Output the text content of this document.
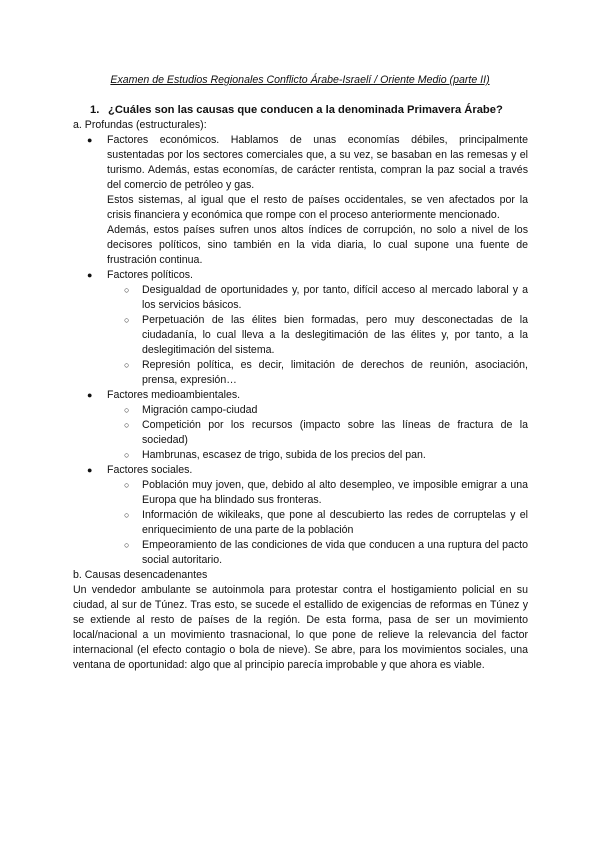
Examen de Estudios Regionales Conflicto Árabe-Israelí / Oriente Medio (parte II)
1. ¿Cuáles son las causas que conducen a la denominada Primavera Árabe?

a. Profundas (estructurales):

● Factores económicos. Hablamos de unas economías débiles, principalmente sustentadas por los sectores comerciales que, a su vez, se basaban en las remesas y el turismo. Además, estas economías, de carácter rentista, compran la paz social a través del comercio de petróleo y gas.

Estos sistemas, al igual que el resto de países occidentales, se ven afectados por la crisis financiera y económica que rompe con el proceso anteriormente mencionado.

Además, estos países sufren unos altos índices de corrupción, no solo a nivel de los decisores políticos, sino también en la vida diaria, lo cual supone una fuente de frustración continua.

● Factores políticos.
○ Desigualdad de oportunidades y, por tanto, difícil acceso al mercado laboral y a los servicios básicos.

○ Perpetuación de las élites bien formadas, pero muy desconectadas de la ciudadanía, lo cual lleva a la deslegitimación de las élites y, por tanto, a la deslegitimación del sistema.

○ Represión política, es decir, limitación de derechos de reunión, asociación, prensa, expresión…

● Factores medioambientales.
○ Migración campo-ciudad

○ Competición por los recursos (impacto sobre las líneas de fractura de la sociedad)

○ Hambrunas, escasez de trigo, subida de los precios del pan.

● Factores sociales.
○ Población muy joven, que, debido al alto desempleo, ve imposible emigrar a una Europa que ha blindado sus fronteras.

○ Información de wikileaks, que pone al descubierto las redes de corruptelas y el enriquecimiento de una parte de la población

○ Empeoramiento de las condiciones de vida que conducen a una ruptura del pacto social autoritario.

b. Causas desencadenantes

Un vendedor ambulante se autoinmola para protestar contra el hostigamiento policial en su ciudad, al sur de Túnez. Tras esto, se sucede el estallido de exigencias de reformas en Túnez y se extiende al resto de países de la región. De esta forma, pasa de ser un movimiento local/nacional a un movimiento trasnacional, lo que pone de relieve la relevancia del factor internacional (el efecto contagio o bola de nieve). Se abre, para los movimientos sociales, una ventana de oportunidad: algo que al principio parecía improbable y que ahora es viable.
